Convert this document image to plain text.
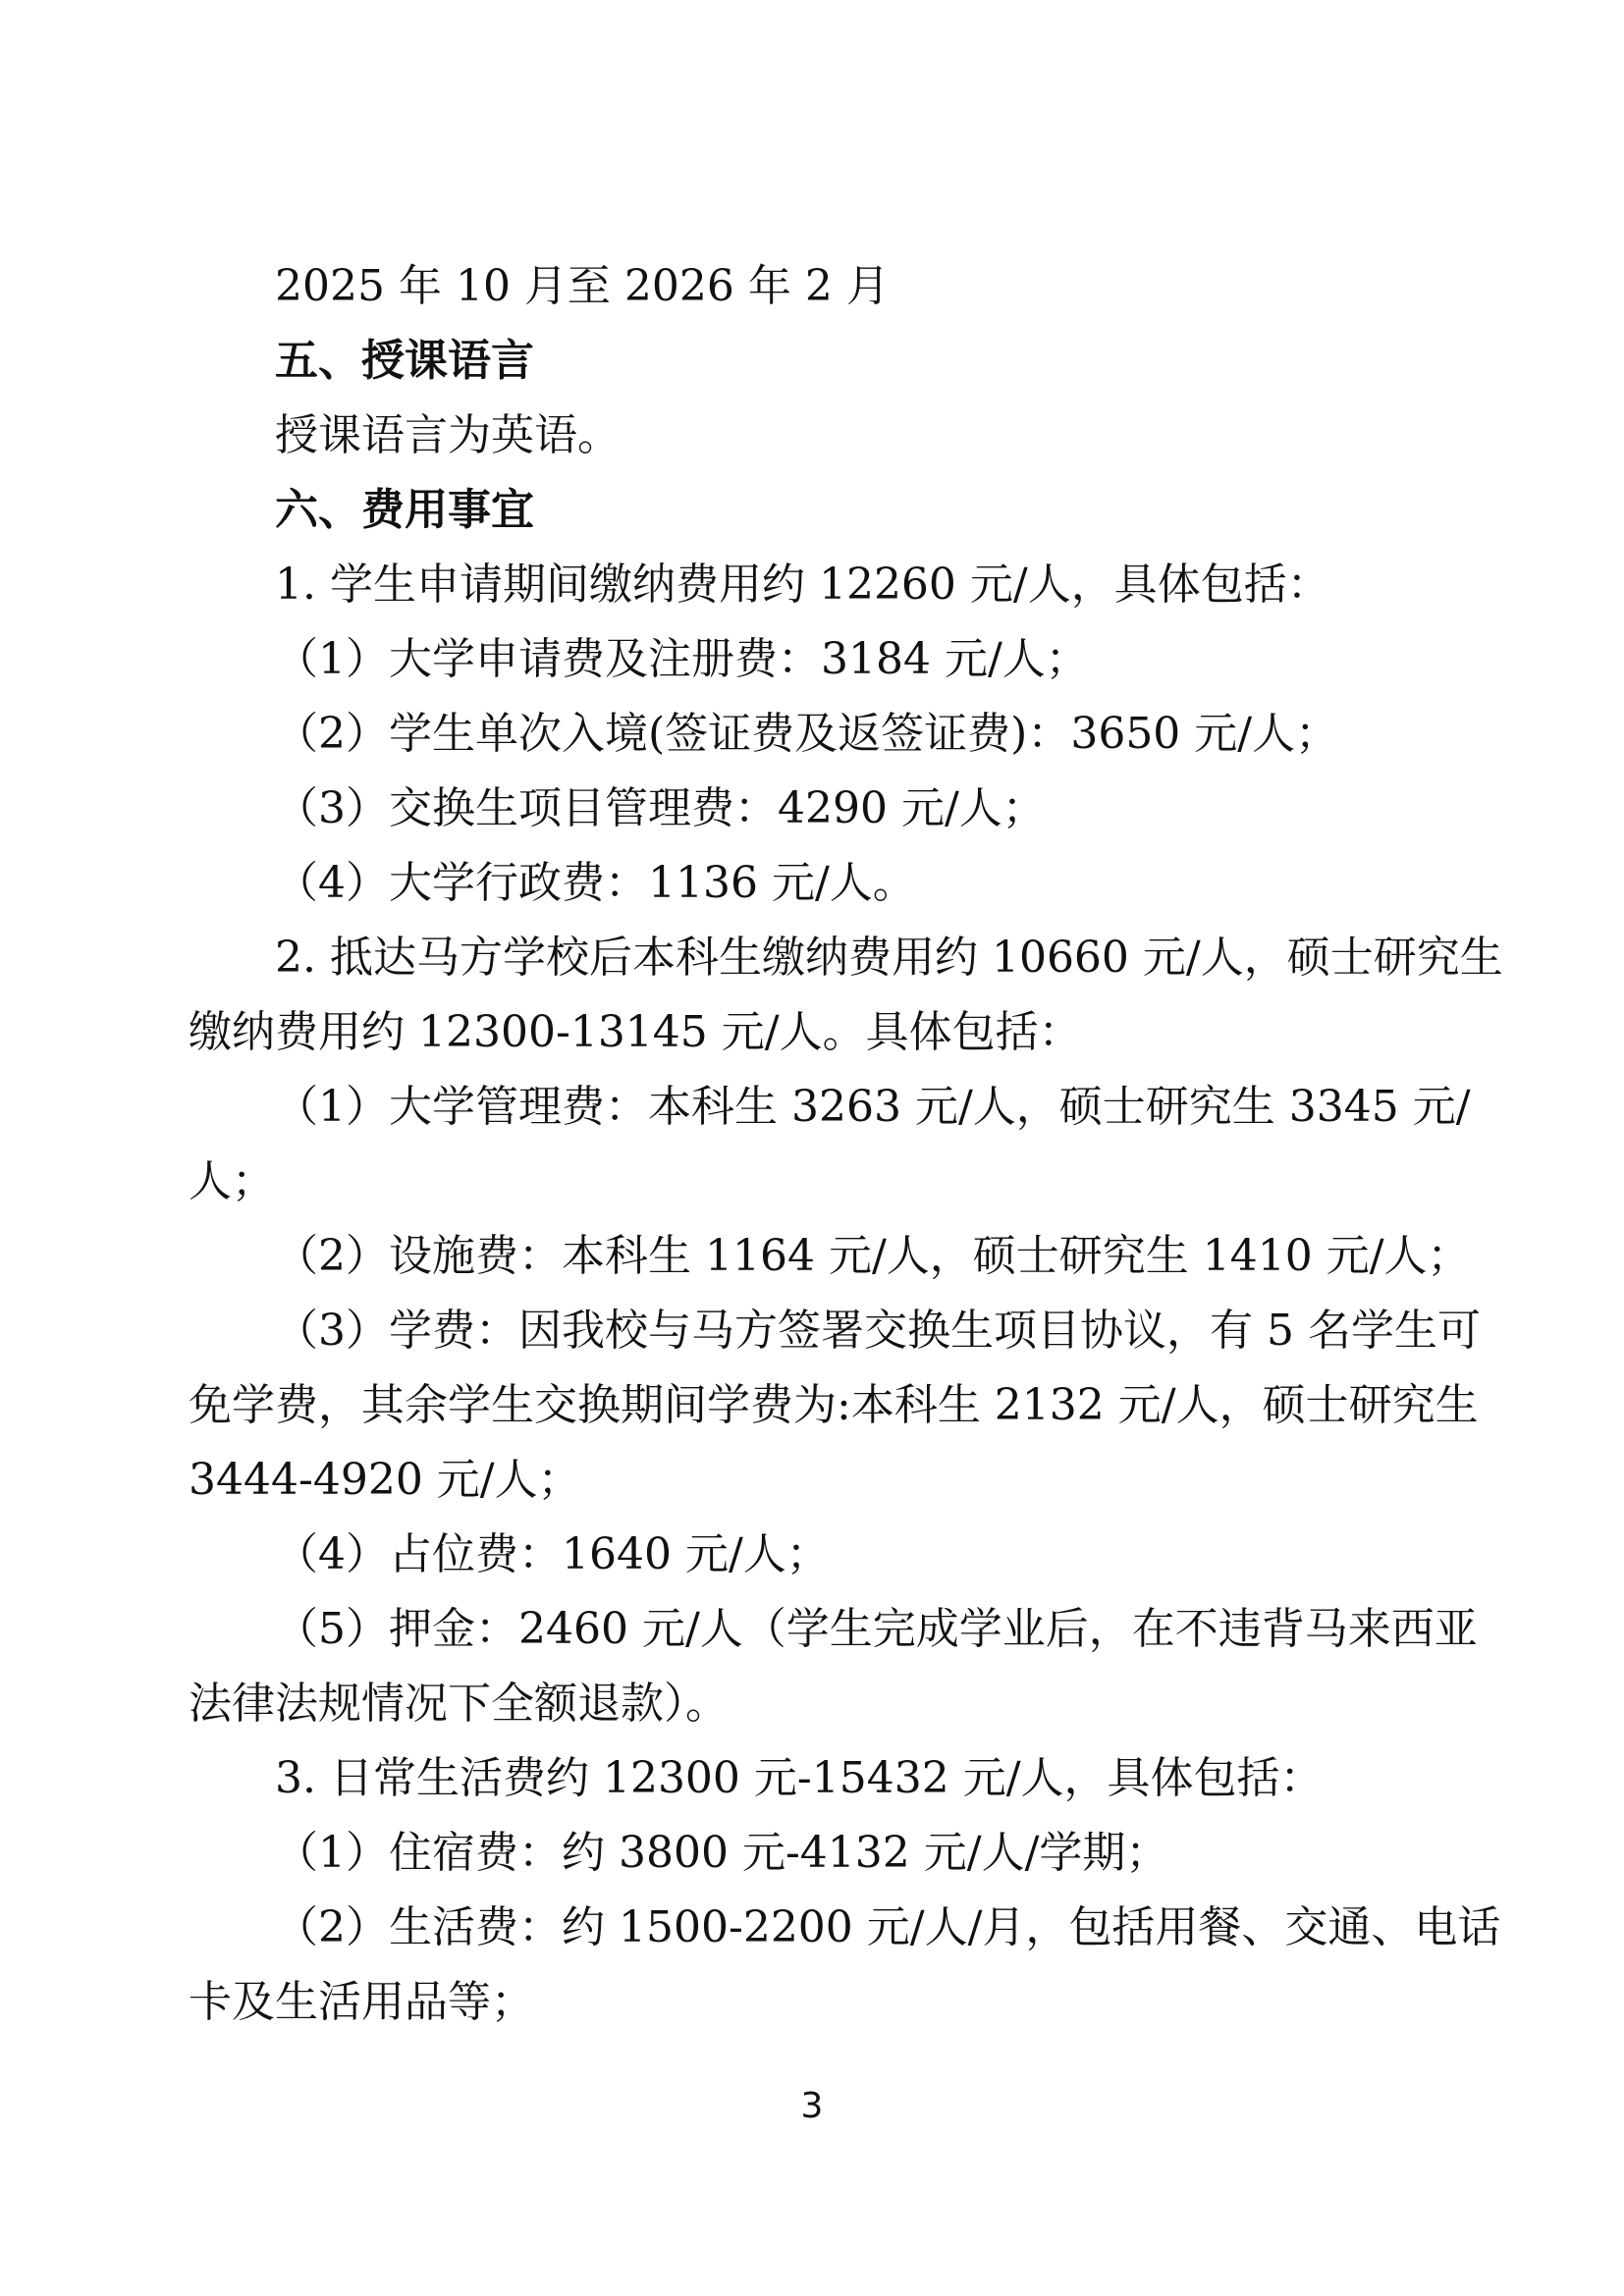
2025 年 10 月至 2026 年 2 月
五、授课语言
授课语言为英语。
六、费用事宜
1. 学生申请期间缴纳费用约 12260 元/人，具体包括：
（1）大学申请费及注册费：3184 元/人；
（2）学生单次入境(签证费及返签证费)：3650 元/人；
（3）交换生项目管理费：4290 元/人；
（4）大学行政费：1136 元/人。
2. 抵达马方学校后本科生缴纳费用约 10660 元/人，硕士研究生
缴纳费用约 12300-13145 元/人。具体包括：
（1）大学管理费：本科生 3263 元/人，硕士研究生 3345 元/
人；
（2）设施费：本科生 1164 元/人，硕士研究生 1410 元/人；
（3）学费：因我校与马方签署交换生项目协议，有 5 名学生可
免学费，其余学生交换期间学费为:本科生 2132 元/人，硕士研究生
3444-4920 元/人；
（4）占位费：1640 元/人；
（5）押金：2460 元/人（学生完成学业后，在不违背马来西亚
法律法规情况下全额退款）。
3. 日常生活费约 12300 元-15432 元/人，具体包括：
（1）住宿费：约 3800 元-4132 元/人/学期；
（2）生活费：约 1500-2200 元/人/月，包括用餐、交通、电话
卡及生活用品等；
3
